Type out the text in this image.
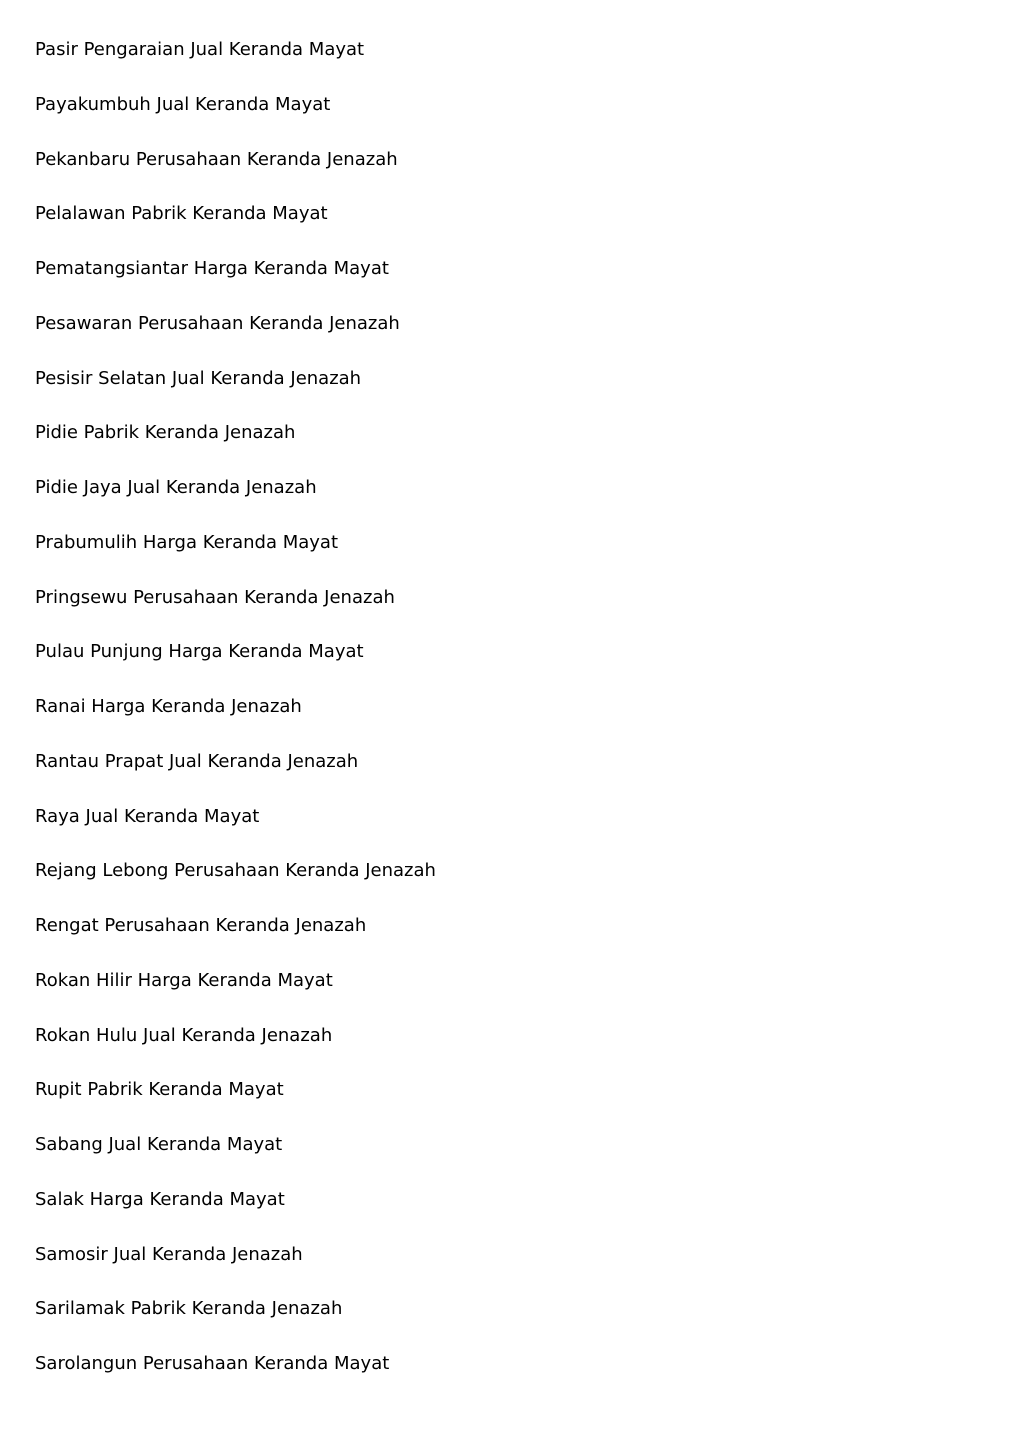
Pasir Pengaraian Jual Keranda Mayat
Payakumbuh Jual Keranda Mayat
Pekanbaru Perusahaan Keranda Jenazah
Pelalawan Pabrik Keranda Mayat
Pematangsiantar Harga Keranda Mayat
Pesawaran Perusahaan Keranda Jenazah
Pesisir Selatan Jual Keranda Jenazah
Pidie Pabrik Keranda Jenazah
Pidie Jaya Jual Keranda Jenazah
Prabumulih Harga Keranda Mayat
Pringsewu Perusahaan Keranda Jenazah
Pulau Punjung Harga Keranda Mayat
Ranai Harga Keranda Jenazah
Rantau Prapat Jual Keranda Jenazah
Raya Jual Keranda Mayat
Rejang Lebong Perusahaan Keranda Jenazah
Rengat Perusahaan Keranda Jenazah
Rokan Hilir Harga Keranda Mayat
Rokan Hulu Jual Keranda Jenazah
Rupit Pabrik Keranda Mayat
Sabang Jual Keranda Mayat
Salak Harga Keranda Mayat
Samosir Jual Keranda Jenazah
Sarilamak Pabrik Keranda Jenazah
Sarolangun Perusahaan Keranda Mayat
